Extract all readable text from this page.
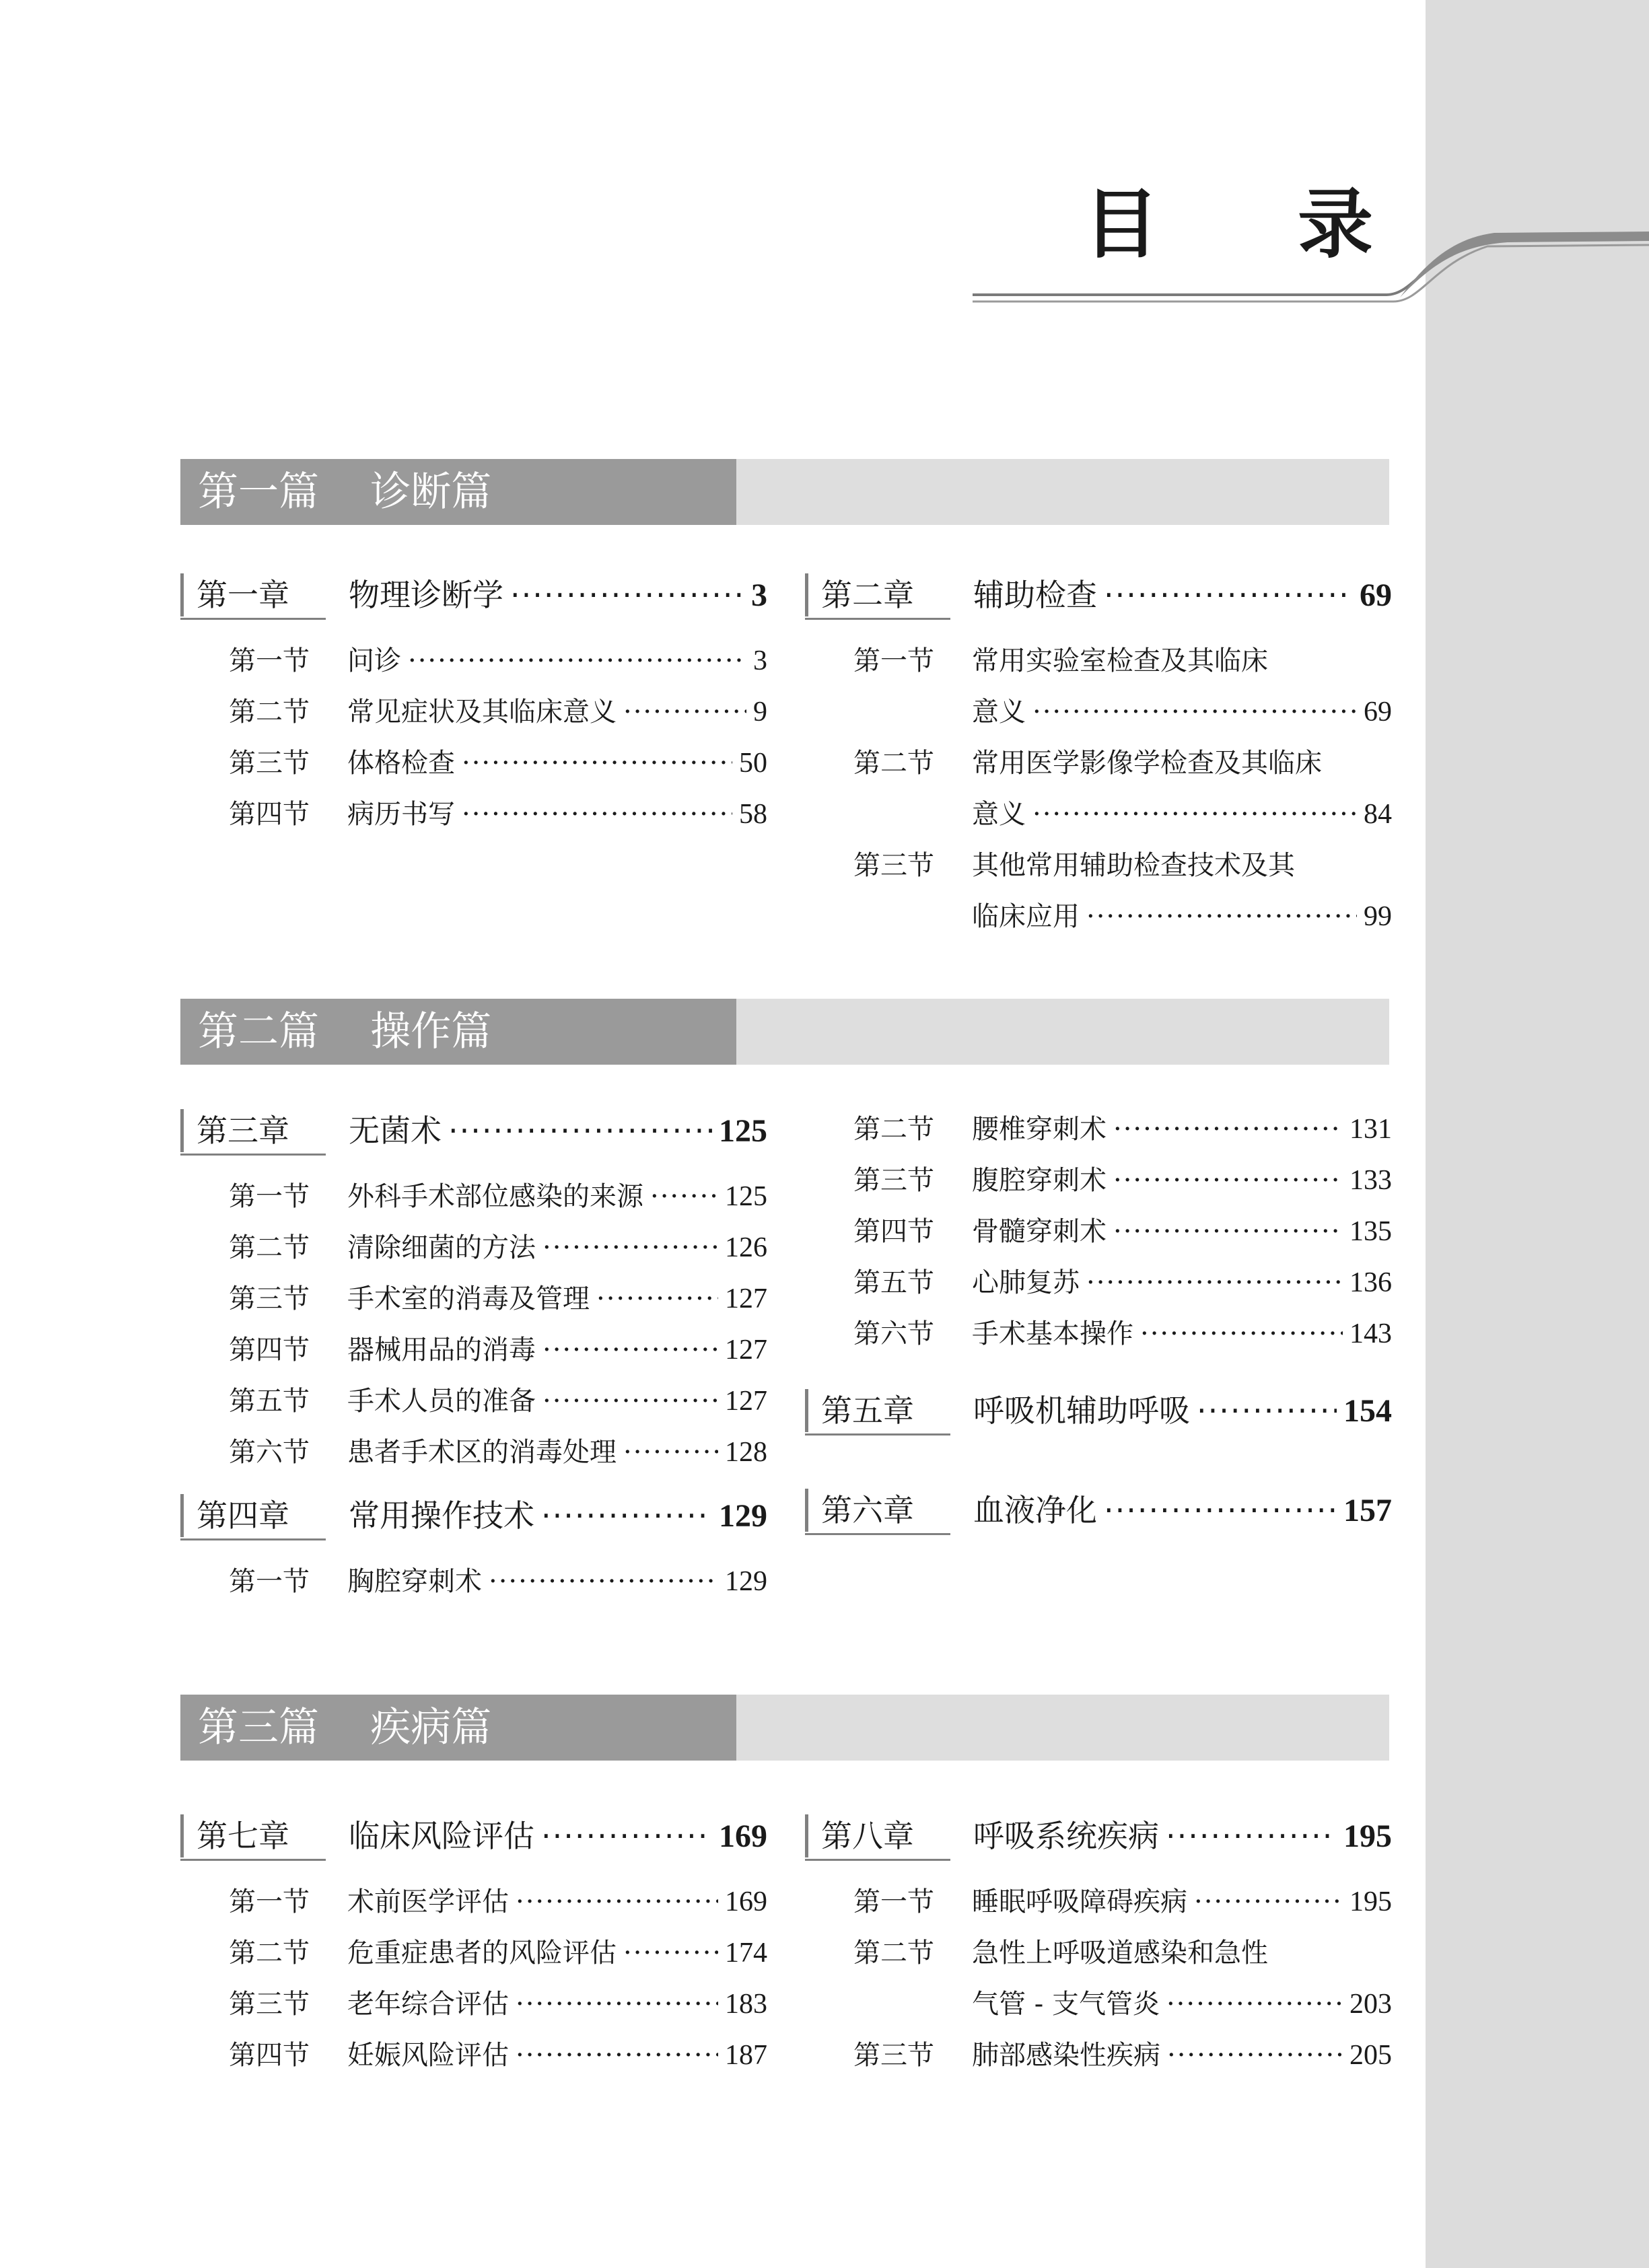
目 录
第一篇    诊断篇
第一章 物理诊断学 ·····	3
第一节 问诊 ·····	3
第二节 常见症状及其临床意义 ·····	9
第三节 体格检查 ·····	50
第四节 病历书写 ·····	58
第二章 辅助检查 ·····	69
第一节 常用实验室检查及其临床
意义 ·····	69
第二节 常用医学影像学检查及其临床
意义 ·····	84
第三节 其他常用辅助检查技术及其
临床应用 ·····	99
第二篇    操作篇
第三章 无菌术 ·····	125
第一节 外科手术部位感染的来源 ·····	125
第二节 清除细菌的方法 ·····	126
第三节 手术室的消毒及管理 ·····	127
第四节 器械用品的消毒 ·····	127
第五节 手术人员的准备 ·····	127
第六节 患者手术区的消毒处理 ·····	128
第四章 常用操作技术 ·····	129
第一节 胸腔穿刺术 ·····	129
第二节 腰椎穿刺术 ·····	131
第三节 腹腔穿刺术 ·····	133
第四节 骨髓穿刺术 ·····	135
第五节 心肺复苏 ·····	136
第六节 手术基本操作 ·····	143
第五章 呼吸机辅助呼吸 ·····	154
第六章 血液净化 ·····	157
第三篇    疾病篇
第七章 临床风险评估 ·····	169
第一节 术前医学评估 ·····	169
第二节 危重症患者的风险评估 ·····	174
第三节 老年综合评估 ·····	183
第四节 妊娠风险评估 ·····	187
第八章 呼吸系统疾病 ·····	195
第一节 睡眠呼吸障碍疾病 ·····	195
第二节 急性上呼吸道感染和急性
气管 - 支气管炎 ·····	203
第三节 肺部感染性疾病 ·····	205
